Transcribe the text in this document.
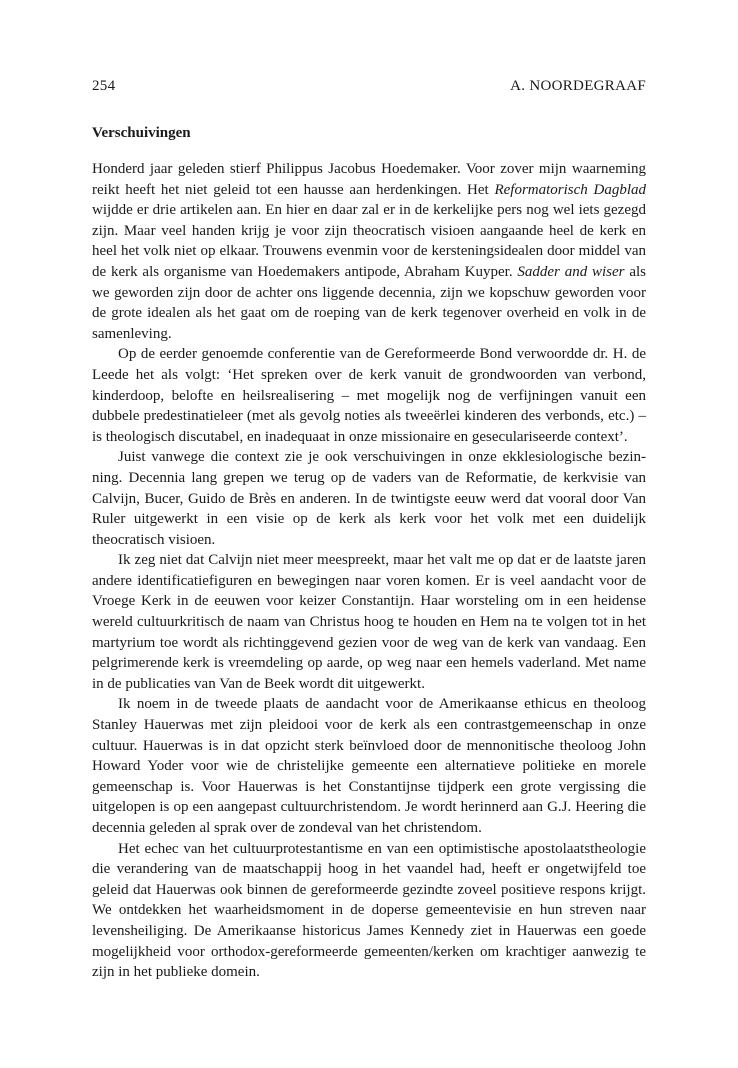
254	A. NOORDEGRAAF
Verschuivingen

Honderd jaar geleden stierf Philippus Jacobus Hoedemaker. Voor zover mijn waarneming reikt heeft het niet geleid tot een hausse aan herdenkingen. Het Reformatorisch Dagblad wijdde er drie artikelen aan. En hier en daar zal er in de kerkelijke pers nog wel iets gezegd zijn. Maar veel handen krijg je voor zijn theocratisch visioen aangaande heel de kerk en heel het volk niet op elkaar. Trouwens evenmin voor de kersteningsidealen door middel van de kerk als organisme van Hoedemakers antipode, Abraham Kuyper. Sadder and wiser als we geworden zijn door de achter ons liggende decennia, zijn we kopschuw geworden voor de grote idealen als het gaat om de roeping van de kerk tegenover overheid en volk in de samenleving.

Op de eerder genoemde conferentie van de Gereformeerde Bond verwoordde dr. H. de Leede het als volgt: ‘Het spreken over de kerk vanuit de grondwoorden van verbond, kinderdoop, belofte en heilsrealisering – met mogelijk nog de verfijningen vanuit een dubbele predestinatieleer (met als gevolg noties als tweeërlei kinderen des verbonds, etc.) – is theologisch discutabel, en inadequaat in onze missionaire en geseculariseerde context’.

Juist vanwege die context zie je ook verschuivingen in onze ekklesiologische bezinning. Decennia lang grepen we terug op de vaders van de Reformatie, de kerkvisie van Calvijn, Bucer, Guido de Brès en anderen. In de twintigste eeuw werd dat vooral door Van Ruler uitgewerkt in een visie op de kerk als kerk voor het volk met een duidelijk theocratisch visioen.

Ik zeg niet dat Calvijn niet meer meespreekt, maar het valt me op dat er de laatste jaren andere identificatiefiguren en bewegingen naar voren komen. Er is veel aandacht voor de Vroege Kerk in de eeuwen voor keizer Constantijn. Haar worsteling om in een heidense wereld cultuurkritisch de naam van Christus hoog te houden en Hem na te volgen tot in het martyrium toe wordt als richtinggevend gezien voor de weg van de kerk van vandaag. Een pelgrimerende kerk is vreemdeling op aarde, op weg naar een hemels vaderland. Met name in de publicaties van Van de Beek wordt dit uitgewerkt.

Ik noem in de tweede plaats de aandacht voor de Amerikaanse ethicus en theoloog Stanley Hauerwas met zijn pleidooi voor de kerk als een contrastgemeenschap in onze cultuur. Hauerwas is in dat opzicht sterk beïnvloed door de mennonitische theoloog John Howard Yoder voor wie de christelijke gemeente een alternatieve politieke en morele gemeenschap is. Voor Hauerwas is het Constantijnse tijdperk een grote vergissing die uitgelopen is op een aangepast cultuurchristendom. Je wordt herinnerd aan G.J. Heering die decennia geleden al sprak over de zondeval van het christendom.

Het echec van het cultuurprotestantisme en van een optimistische apostolaatstheologie die verandering van de maatschappij hoog in het vaandel had, heeft er ongetwijfeld toe geleid dat Hauerwas ook binnen de gereformeerde gezindte zoveel positieve respons krijgt. We ontdekken het waarheidsmoment in de doperse gemeentevisie en hun streven naar levensheiliging. De Amerikaanse historicus James Kennedy ziet in Hauerwas een goede mogelijkheid voor orthodox-gereformeerde gemeenten/kerken om krachtiger aanwezig te zijn in het publieke domein.
